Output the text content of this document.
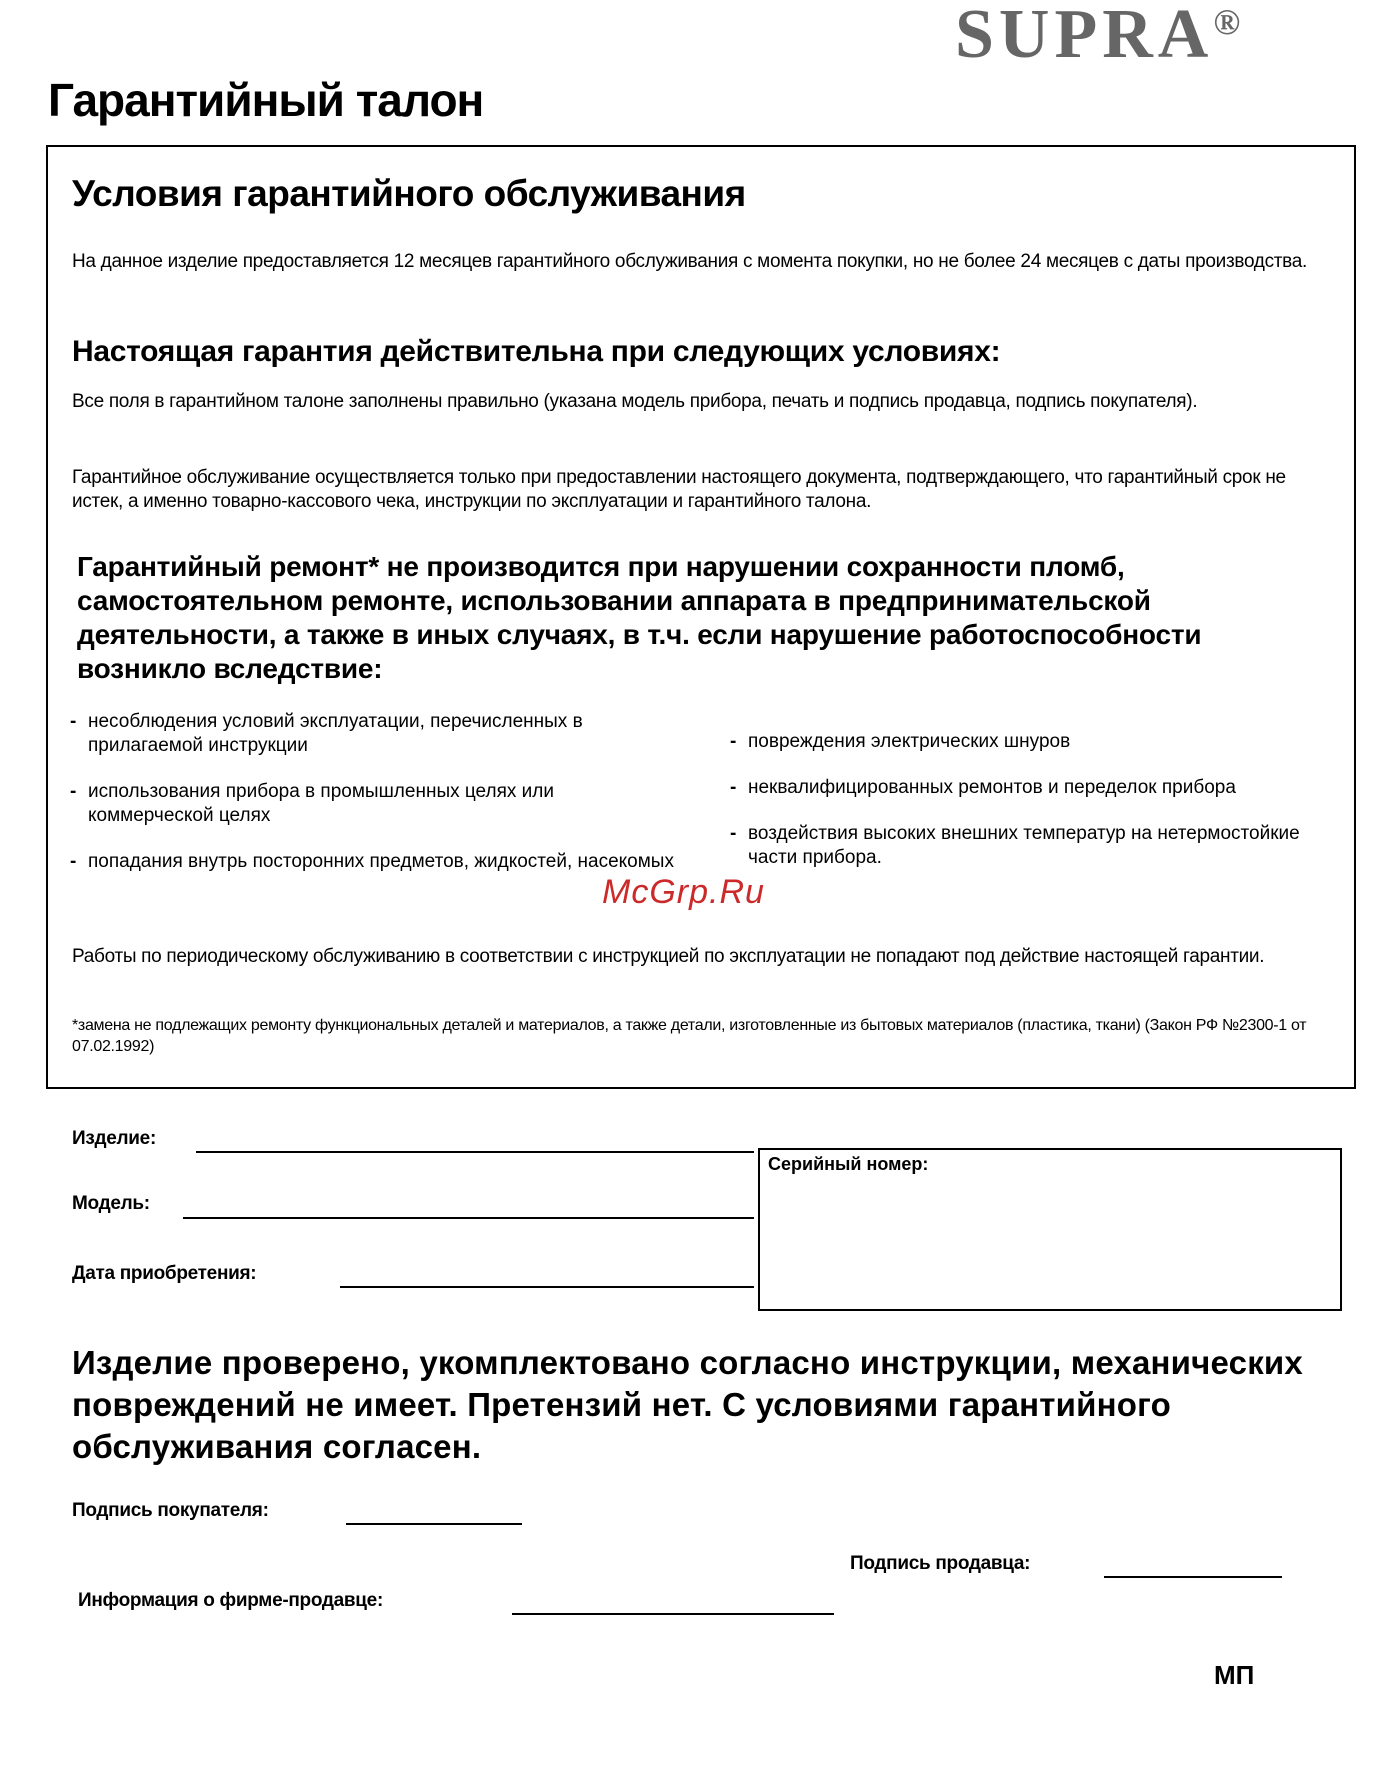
SUPRA®
Гарантийный талон
Условия гарантийного обслуживания
На данное изделие предоставляется 12 месяцев гарантийного обслуживания с момента покупки, но не более 24 месяцев с даты производства.
Настоящая гарантия действительна при следующих условиях:
Все поля в гарантийном талоне заполнены правильно (указана модель прибора, печать и подпись продавца, подпись покупателя).
Гарантийное обслуживание осуществляется только при предоставлении настоящего документа, подтверждающего, что гарантийный срок не истек, а именно товарно-кассового чека, инструкции по эксплуатации и гарантийного талона.
Гарантийный ремонт* не производится при нарушении сохранности пломб, самостоятельном ремонте, использовании аппарата в предпринимательской деятельности, а также в иных случаях, в т.ч. если нарушение работоспособности возникло вследствие:
- несоблюдения условий эксплуатации, перечисленных в прилагаемой инструкции
- использования прибора в промышленных целях или коммерческой целях
- попадания внутрь посторонних предметов, жидкостей, насекомых
- повреждения электрических шнуров
- неквалифицированных ремонтов и переделок прибора
- воздействия высоких внешних температур на нетермостойкие части прибора.
Работы по периодическому обслуживанию в соответствии с инструкцией по эксплуатации не попадают под действие настоящей гарантии.
*замена не подлежащих ремонту функциональных деталей и материалов, а также детали, изготовленные из бытовых материалов (пластика, ткани) (Закон РФ №2300-1 от 07.02.1992)
Изделие:
Модель:
Дата приобретения:
Серийный номер:
Изделие проверено, укомплектовано согласно инструкции, механических повреждений не имеет. Претензий нет. С условиями гарантийного обслуживания согласен.
Подпись покупателя:
Подпись продавца:
Информация о фирме-продавце:
МП
McGrp.Ru
